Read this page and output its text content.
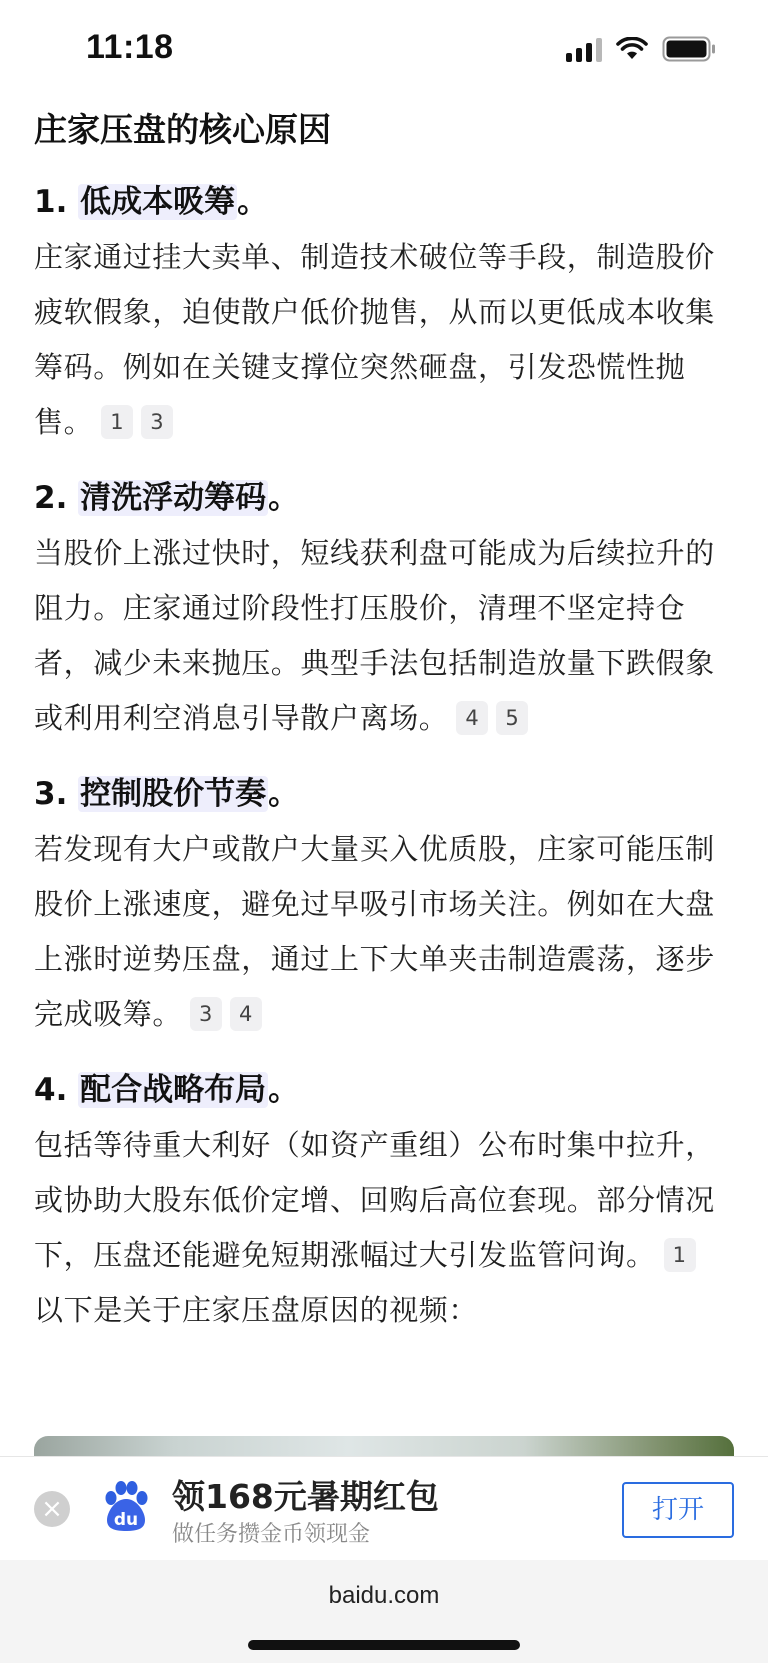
11:18
庄家压盘的核心原因
1. 低成本吸筹。
庄家通过挂大卖单、制造技术破位等手段，制造股价疲软假象，迫使散户低价抛售，从而以更低成本收集筹码。例如在关键支撑位突然砸盘，引发恐慌性抛售。 1 3
2. 清洗浮动筹码。
当股价上涨过快时，短线获利盘可能成为后续拉升的阻力。庄家通过阶段性打压股价，清理不坚定持仓者，减少未来抛压。典型手法包括制造放量下跌假象或利用利空消息引导散户离场。 4 5
3. 控制股价节奏。
若发现有大户或散户大量买入优质股，庄家可能压制股价上涨速度，避免过早吸引市场关注。例如在大盘上涨时逆势压盘，通过上下大单夹击制造震荡，逐步完成吸筹。 3 4
4. 配合战略布局。
包括等待重大利好（如资产重组）公布时集中拉升，或协助大股东低价定增、回购后高位套现。部分情况下，压盘还能避免短期涨幅过大引发监管问询。 1
以下是关于庄家压盘原因的视频：
×	du
领168元暑期红包
做任务攒金币领现金
打开
baidu.com
